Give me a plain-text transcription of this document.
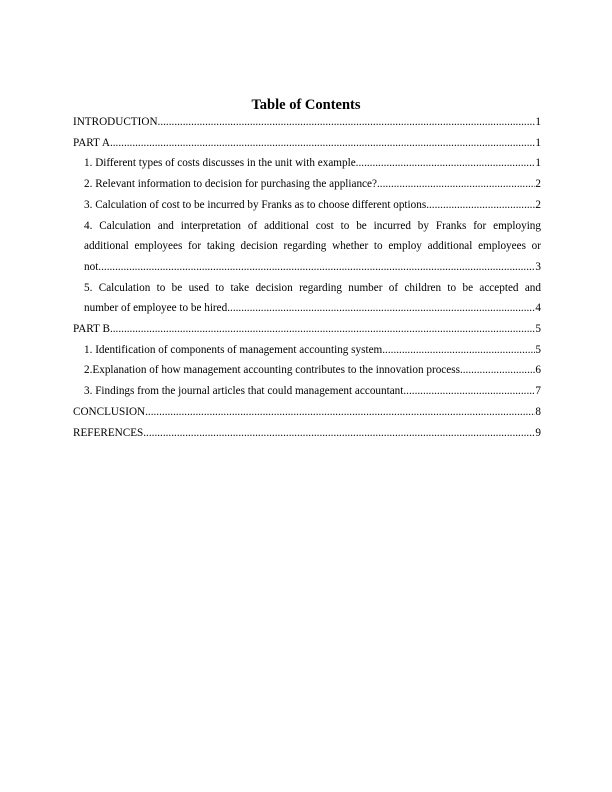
Table of Contents
INTRODUCTION .....	1
PART A .....	1
1. Different types of costs discusses in the unit with example .....	1
2. Relevant information to decision for purchasing the appliance? .....	2
3. Calculation of cost to be incurred by Franks as to choose different options .....	2
4. Calculation and interpretation of additional cost to be incurred by Franks for employing
additional employees for taking decision regarding whether to employ additional employees or
not .....	3
5. Calculation to be used to take decision regarding number of children to be accepted and
number of employee to be hired .....	4
PART B .....	5
1. Identification of components of management accounting system .....	5
2.Explanation of how management accounting contributes to the innovation process .....	6
3. Findings from the journal articles that could management accountant .....	7
CONCLUSION .....	8
REFERENCES .....	9
